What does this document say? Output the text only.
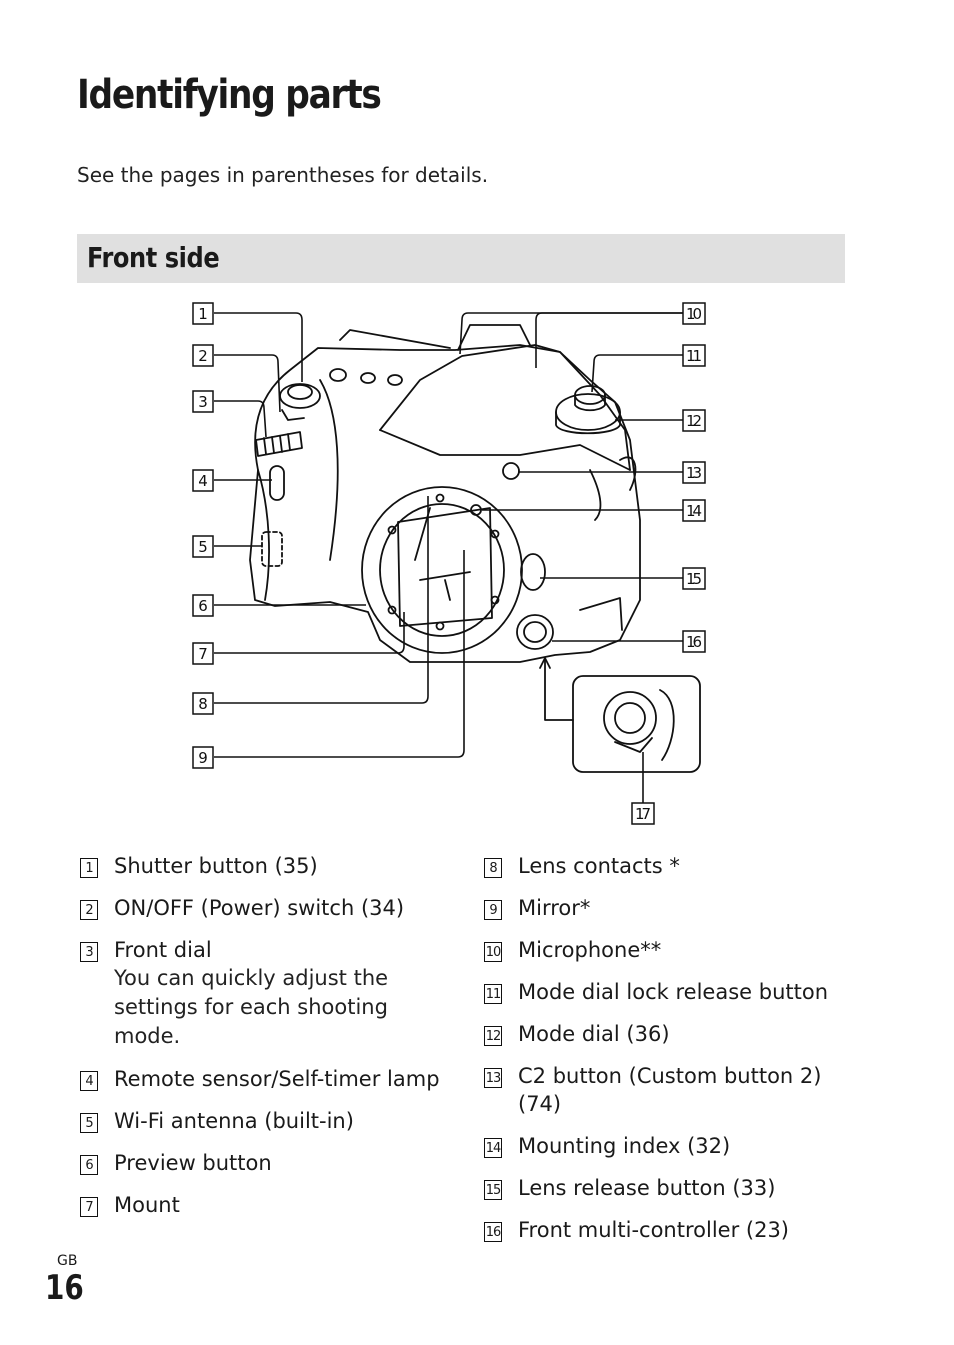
Identifying parts
See the pages in parentheses for details.
Front side
1
2
3
4
5
6
7
8
9
10
11
12
13
14
15
16
17
1 Shutter button (35)
2 ON/OFF (Power) switch (34)
3 Front dial
You can quickly adjust the settings for each shooting mode.
4 Remote sensor/Self-timer lamp
5 Wi-Fi antenna (built-in)
6 Preview button
7 Mount
8 Lens contacts *
9 Mirror*
10 Microphone**
11 Mode dial lock release button
12 Mode dial (36)
13 C2 button (Custom button 2) (74)
14 Mounting index (32)
15 Lens release button (33)
16 Front multi-controller (23)
GB
16
